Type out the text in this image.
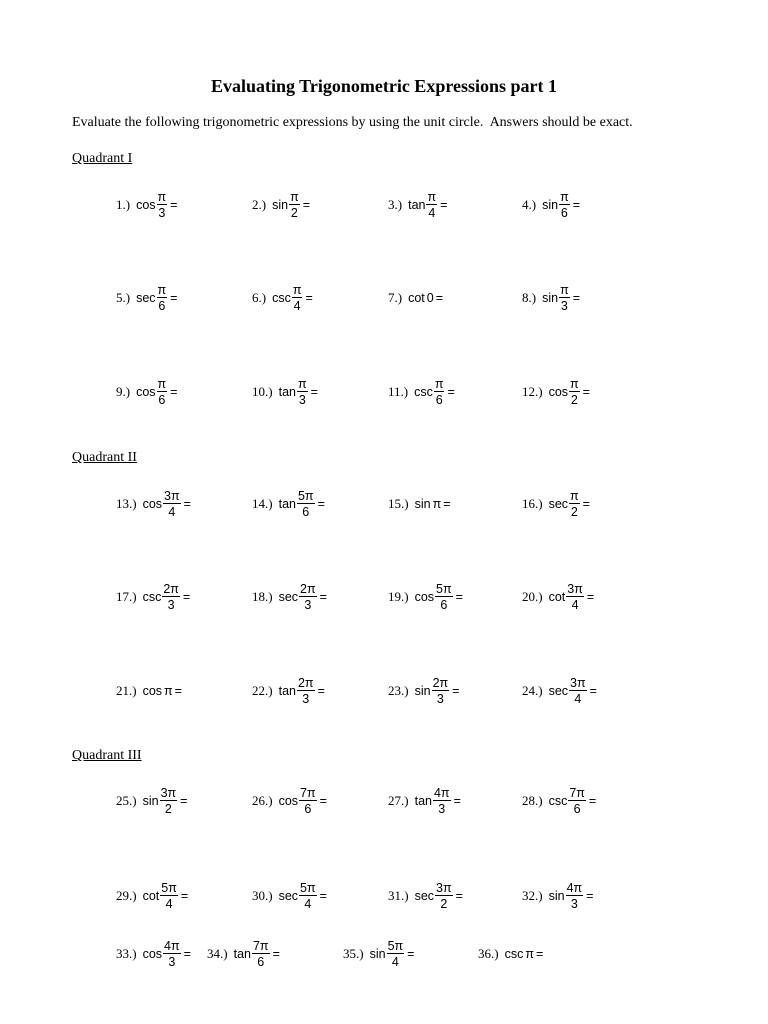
Evaluating Trigonometric Expressions part 1
Evaluate the following trigonometric expressions by using the unit circle.  Answers should be exact.
Quadrant I
Quadrant II
Quadrant III
1.) $\cos \frac{\pi}{3}$ =	2.) $\sin \frac{\pi}{2}$ =	3.) $\tan \frac{\pi}{4}$ =	4.) $\sin \frac{\pi}{6}$ =
5.) $\sec \frac{\pi}{6}$ =	6.) $\csc \frac{\pi}{4}$ =	7.) cot 0 =	8.) $\sin \frac{\pi}{3}$ =
9.) $\cos \frac{\pi}{6}$ =	10.) $\tan \frac{\pi}{3}$ =	11.) $\csc \frac{\pi}{6}$ =	12.) $\cos \frac{\pi}{2}$ =
13.) $\cos \frac{3\pi}{4}$ =	14.) $\tan \frac{5\pi}{6}$ =	15.) sin π =	16.) $\sec \frac{\pi}{2}$ =
17.) $\csc \frac{2\pi}{3}$ =	18.) $\sec \frac{2\pi}{3}$ =	19.) $\cos \frac{5\pi}{6}$ =	20.) $\cot \frac{3\pi}{4}$ =
21.) cos π =	22.) $\tan \frac{2\pi}{3}$ =	23.) $\sin \frac{2\pi}{3}$ =	24.) $\sec \frac{3\pi}{4}$ =
25.) $\sin \frac{3\pi}{2}$ =	26.) $\cos \frac{7\pi}{6}$ =	27.) $\tan \frac{4\pi}{3}$ =	28.) $\csc \frac{7\pi}{6}$ =
29.) $\cot \frac{5\pi}{4}$ =	30.) $\sec \frac{5\pi}{4}$ =	31.) $\sec \frac{3\pi}{2}$ =	32.) $\sin \frac{4\pi}{3}$ =
33.) $\cos \frac{4\pi}{3} = 34$.) $\tan \frac{7\pi}{6}$ =	35.) $\sin \frac{5\pi}{4}$ =	36.) csc π =
